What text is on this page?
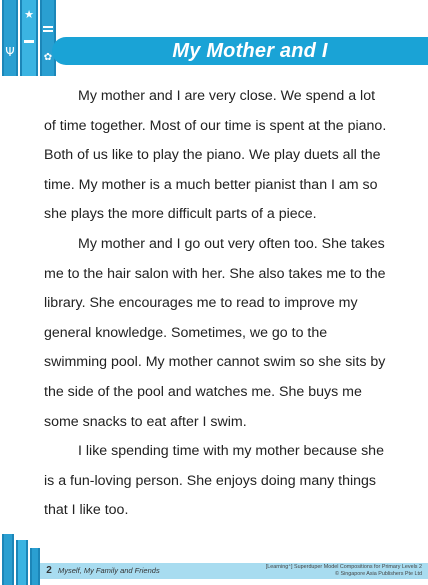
Ψ
★
✿	My Mother and I

My mother and I are very close. We spend a lot of time together. Most of our time is spent at the piano. Both of us like to play the piano. We play duets all the time. My mother is a much better pianist than I am so she plays the more difficult parts of a piece.

My mother and I go out very often too. She takes me to the hair salon with her. She also takes me to the library. She encourages me to read to improve my general knowledge. Sometimes, we go to the swimming pool. My mother cannot swim so she sits by the side of the pool and watches me. She buys me some snacks to eat after I swim.

I like spending time with my mother because she is a fun-loving person. She enjoys doing many things that I like too.

2 Myself, My Family and Friends	[Learning⁺] Superduper Model Compositions for Primary Levels 2
© Singapore Asia Publishers Pte Ltd
